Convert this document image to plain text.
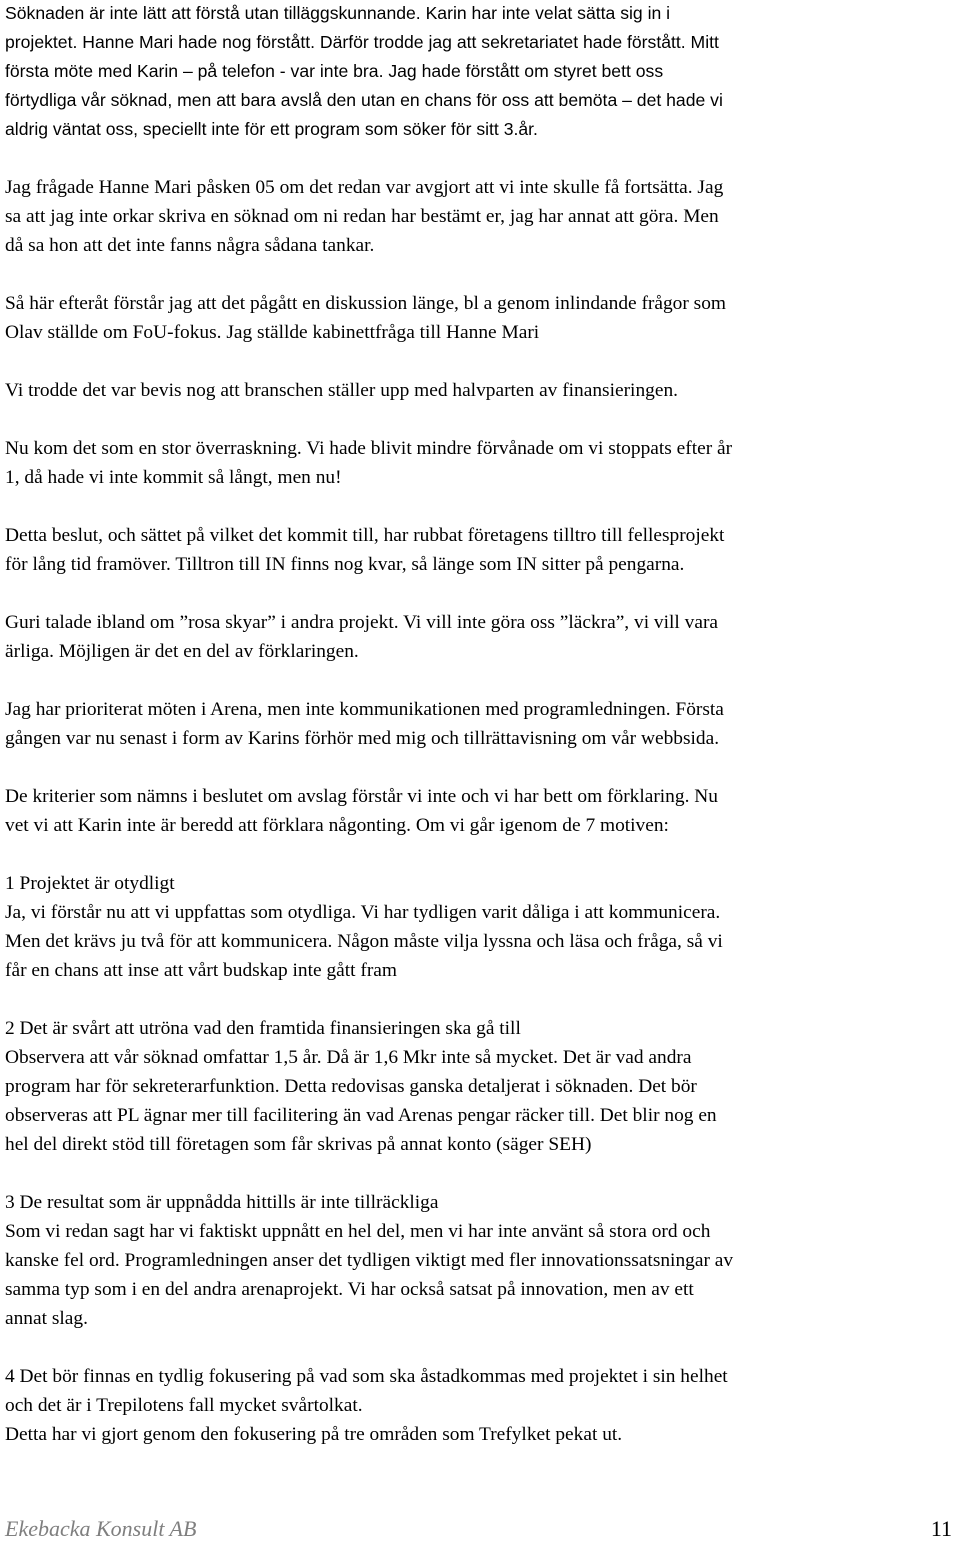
Söknaden är inte lätt att förstå utan tilläggskunnande. Karin har inte velat sätta sig in i
projektet. Hanne Mari hade nog förstått. Därför trodde jag att sekretariatet hade förstått. Mitt
första möte med Karin – på telefon - var inte bra. Jag hade förstått om styret bett oss
förtydliga vår söknad, men att bara avslå den utan en chans för oss att bemöta – det hade vi
aldrig väntat oss, speciellt inte för ett program som söker för sitt 3.år.

Jag frågade Hanne Mari påsken 05 om det redan var avgjort att vi inte skulle få fortsätta. Jag
sa att jag inte orkar skriva en söknad om ni redan har bestämt er, jag har annat att göra. Men
då sa hon att det inte fanns några sådana tankar.

Så här efteråt förstår jag att det pågått en diskussion länge, bl a genom inlindande frågor som
Olav ställde om FoU-fokus. Jag ställde kabinettfråga till Hanne Mari

Vi trodde det var bevis nog att branschen ställer upp med halvparten av finansieringen.

Nu kom det som en stor överraskning. Vi hade blivit mindre förvånade om vi stoppats efter år
1, då hade vi inte kommit så långt, men nu!

Detta beslut, och sättet på vilket det kommit till, har rubbat företagens tilltro till fellesprojekt
för lång tid framöver. Tilltron till IN finns nog kvar, så länge som IN sitter på pengarna.

Guri talade ibland om ”rosa skyar” i andra projekt. Vi vill inte göra oss ”läckra”, vi vill vara
ärliga. Möjligen är det en del av förklaringen.

Jag har prioriterat möten i Arena, men inte kommunikationen med programledningen. Första
gången var nu senast i form av Karins förhör med mig och tillrättavisning om vår webbsida.

De kriterier som nämns i beslutet om avslag förstår vi inte och vi har bett om förklaring. Nu
vet vi att Karin inte är beredd att förklara någonting. Om vi går igenom de 7 motiven:

1 Projektet är otydligt
Ja, vi förstår nu att vi uppfattas som otydliga. Vi har tydligen varit dåliga i att kommunicera.
Men det krävs ju två för att kommunicera. Någon måste vilja lyssna och läsa och fråga, så vi
får en chans att inse att vårt budskap inte gått fram

2 Det är svårt att utröna vad den framtida finansieringen ska gå till
Observera att vår söknad omfattar 1,5 år. Då är 1,6 Mkr inte så mycket. Det är vad andra
program har för sekreterarfunktion. Detta redovisas ganska detaljerat i söknaden. Det bör
observeras att PL ägnar mer till facilitering än vad Arenas pengar räcker till. Det blir nog en
hel del direkt stöd till företagen som får skrivas på annat konto (säger SEH)

3 De resultat som är uppnådda hittills är inte tillräckliga
Som vi redan sagt har vi faktiskt uppnått en hel del, men vi har inte använt så stora ord och
kanske fel ord. Programledningen anser det tydligen viktigt med fler innovationssatsningar av
samma typ som i en del andra arenaprojekt. Vi har också satsat på innovation, men av ett
annat slag.

4 Det bör finnas en tydlig fokusering på vad som ska åstadkommas med projektet i sin helhet
och det är i Trepilotens fall mycket svårtolkat.
Detta har vi gjort genom den fokusering på tre områden som Trefylket pekat ut.

Ekebacka Konsult AB	11
